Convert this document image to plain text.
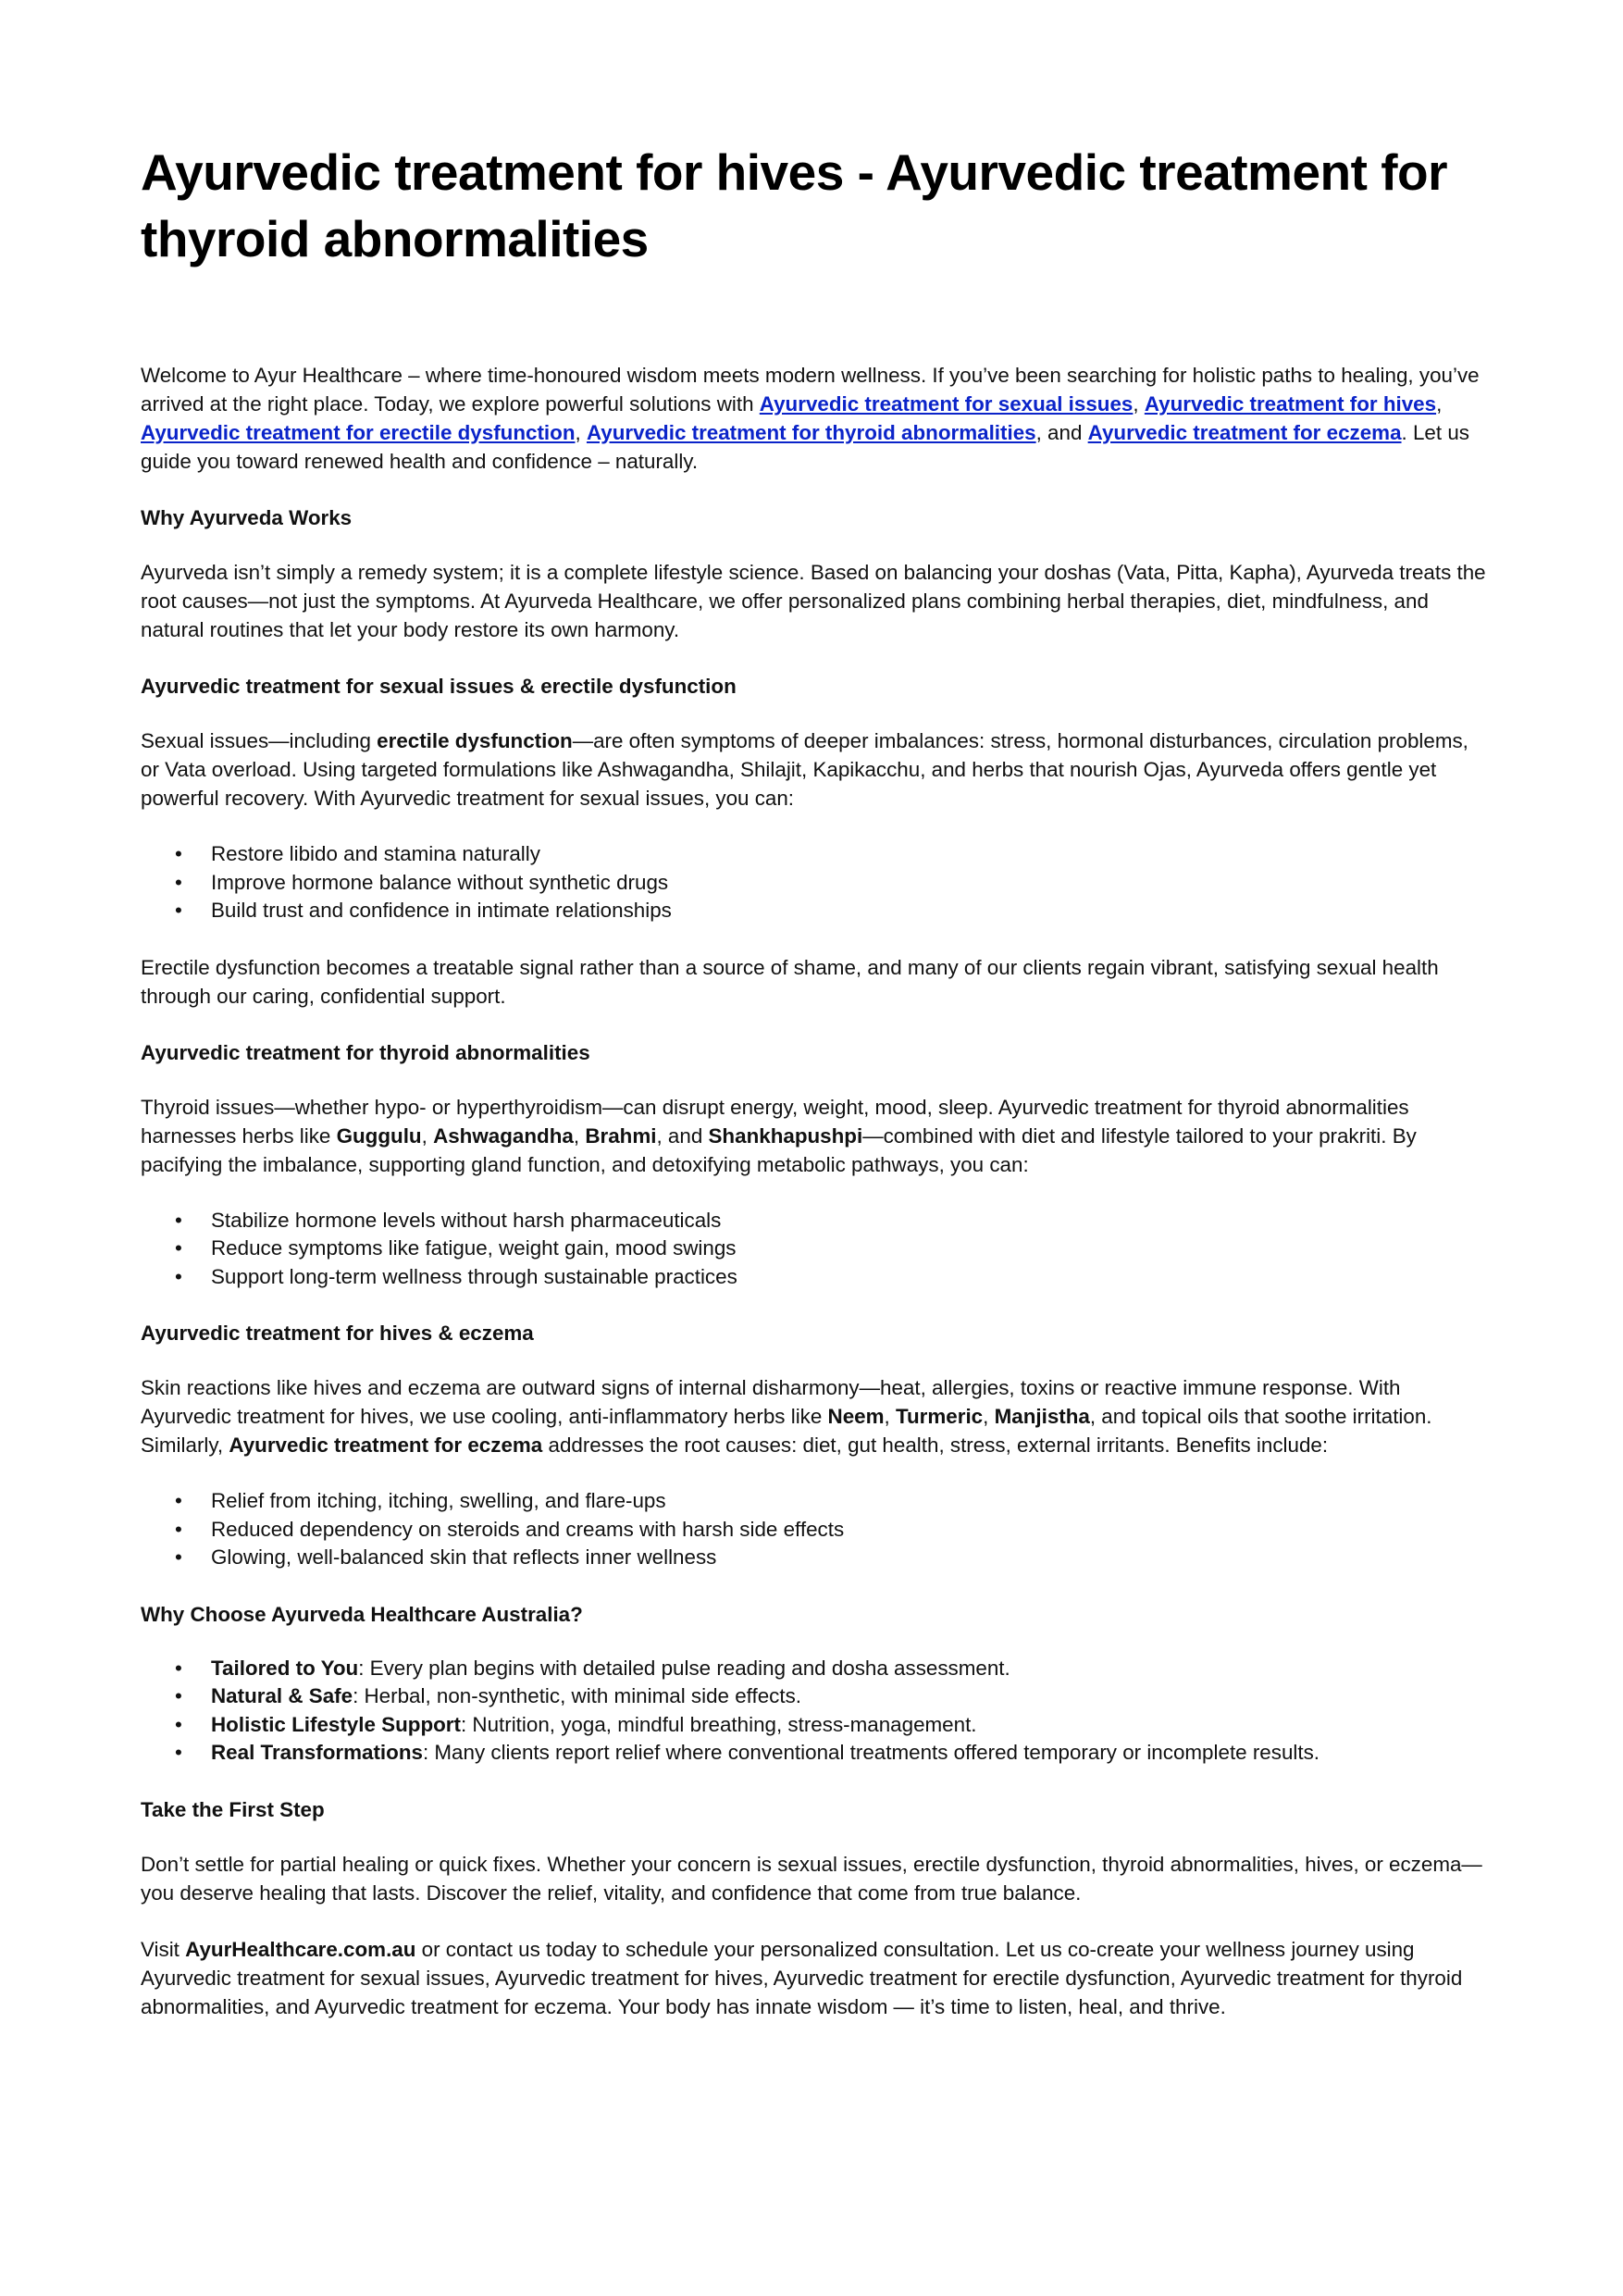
Ayurvedic treatment for hives - Ayurvedic treatment for thyroid abnormalities

Welcome to Ayur Healthcare – where time-honoured wisdom meets modern wellness. If you’ve been searching for holistic paths to healing, you’ve arrived at the right place. Today, we explore powerful solutions with Ayurvedic treatment for sexual issues, Ayurvedic treatment for hives, Ayurvedic treatment for erectile dysfunction, Ayurvedic treatment for thyroid abnormalities, and Ayurvedic treatment for eczema. Let us guide you toward renewed health and confidence – naturally.

Why Ayurveda Works

Ayurveda isn’t simply a remedy system; it is a complete lifestyle science. Based on balancing your doshas (Vata, Pitta, Kapha), Ayurveda treats the root causes—not just the symptoms. At Ayurveda Healthcare, we offer personalized plans combining herbal therapies, diet, mindfulness, and natural routines that let your body restore its own harmony.

Ayurvedic treatment for sexual issues & erectile dysfunction

Sexual issues—including erectile dysfunction—are often symptoms of deeper imbalances: stress, hormonal disturbances, circulation problems, or Vata overload. Using targeted formulations like Ashwagandha, Shilajit, Kapikacchu, and herbs that nourish Ojas, Ayurveda offers gentle yet powerful recovery. With Ayurvedic treatment for sexual issues, you can:

• Restore libido and stamina naturally
• Improve hormone balance without synthetic drugs
• Build trust and confidence in intimate relationships

Erectile dysfunction becomes a treatable signal rather than a source of shame, and many of our clients regain vibrant, satisfying sexual health through our caring, confidential support.

Ayurvedic treatment for thyroid abnormalities

Thyroid issues—whether hypo- or hyperthyroidism—can disrupt energy, weight, mood, sleep. Ayurvedic treatment for thyroid abnormalities harnesses herbs like Guggulu, Ashwagandha, Brahmi, and Shankhapushpi—combined with diet and lifestyle tailored to your prakriti. By pacifying the imbalance, supporting gland function, and detoxifying metabolic pathways, you can:

• Stabilize hormone levels without harsh pharmaceuticals
• Reduce symptoms like fatigue, weight gain, mood swings
• Support long-term wellness through sustainable practices

Ayurvedic treatment for hives & eczema

Skin reactions like hives and eczema are outward signs of internal disharmony—heat, allergies, toxins or reactive immune response. With Ayurvedic treatment for hives, we use cooling, anti-inflammatory herbs like Neem, Turmeric, Manjistha, and topical oils that soothe irritation. Similarly, Ayurvedic treatment for eczema addresses the root causes: diet, gut health, stress, external irritants. Benefits include:

• Relief from itching, itching, swelling, and flare-ups
• Reduced dependency on steroids and creams with harsh side effects
• Glowing, well-balanced skin that reflects inner wellness

Why Choose Ayurveda Healthcare Australia?

• Tailored to You: Every plan begins with detailed pulse reading and dosha assessment.
• Natural & Safe: Herbal, non-synthetic, with minimal side effects.
• Holistic Lifestyle Support: Nutrition, yoga, mindful breathing, stress-management.
• Real Transformations: Many clients report relief where conventional treatments offered temporary or incomplete results.

Take the First Step

Don’t settle for partial healing or quick fixes. Whether your concern is sexual issues, erectile dysfunction, thyroid abnormalities, hives, or eczema—you deserve healing that lasts. Discover the relief, vitality, and confidence that come from true balance.

Visit AyurHealthcare.com.au or contact us today to schedule your personalized consultation. Let us co-create your wellness journey using Ayurvedic treatment for sexual issues, Ayurvedic treatment for hives, Ayurvedic treatment for erectile dysfunction, Ayurvedic treatment for thyroid abnormalities, and Ayurvedic treatment for eczema. Your body has innate wisdom — it’s time to listen, heal, and thrive.
